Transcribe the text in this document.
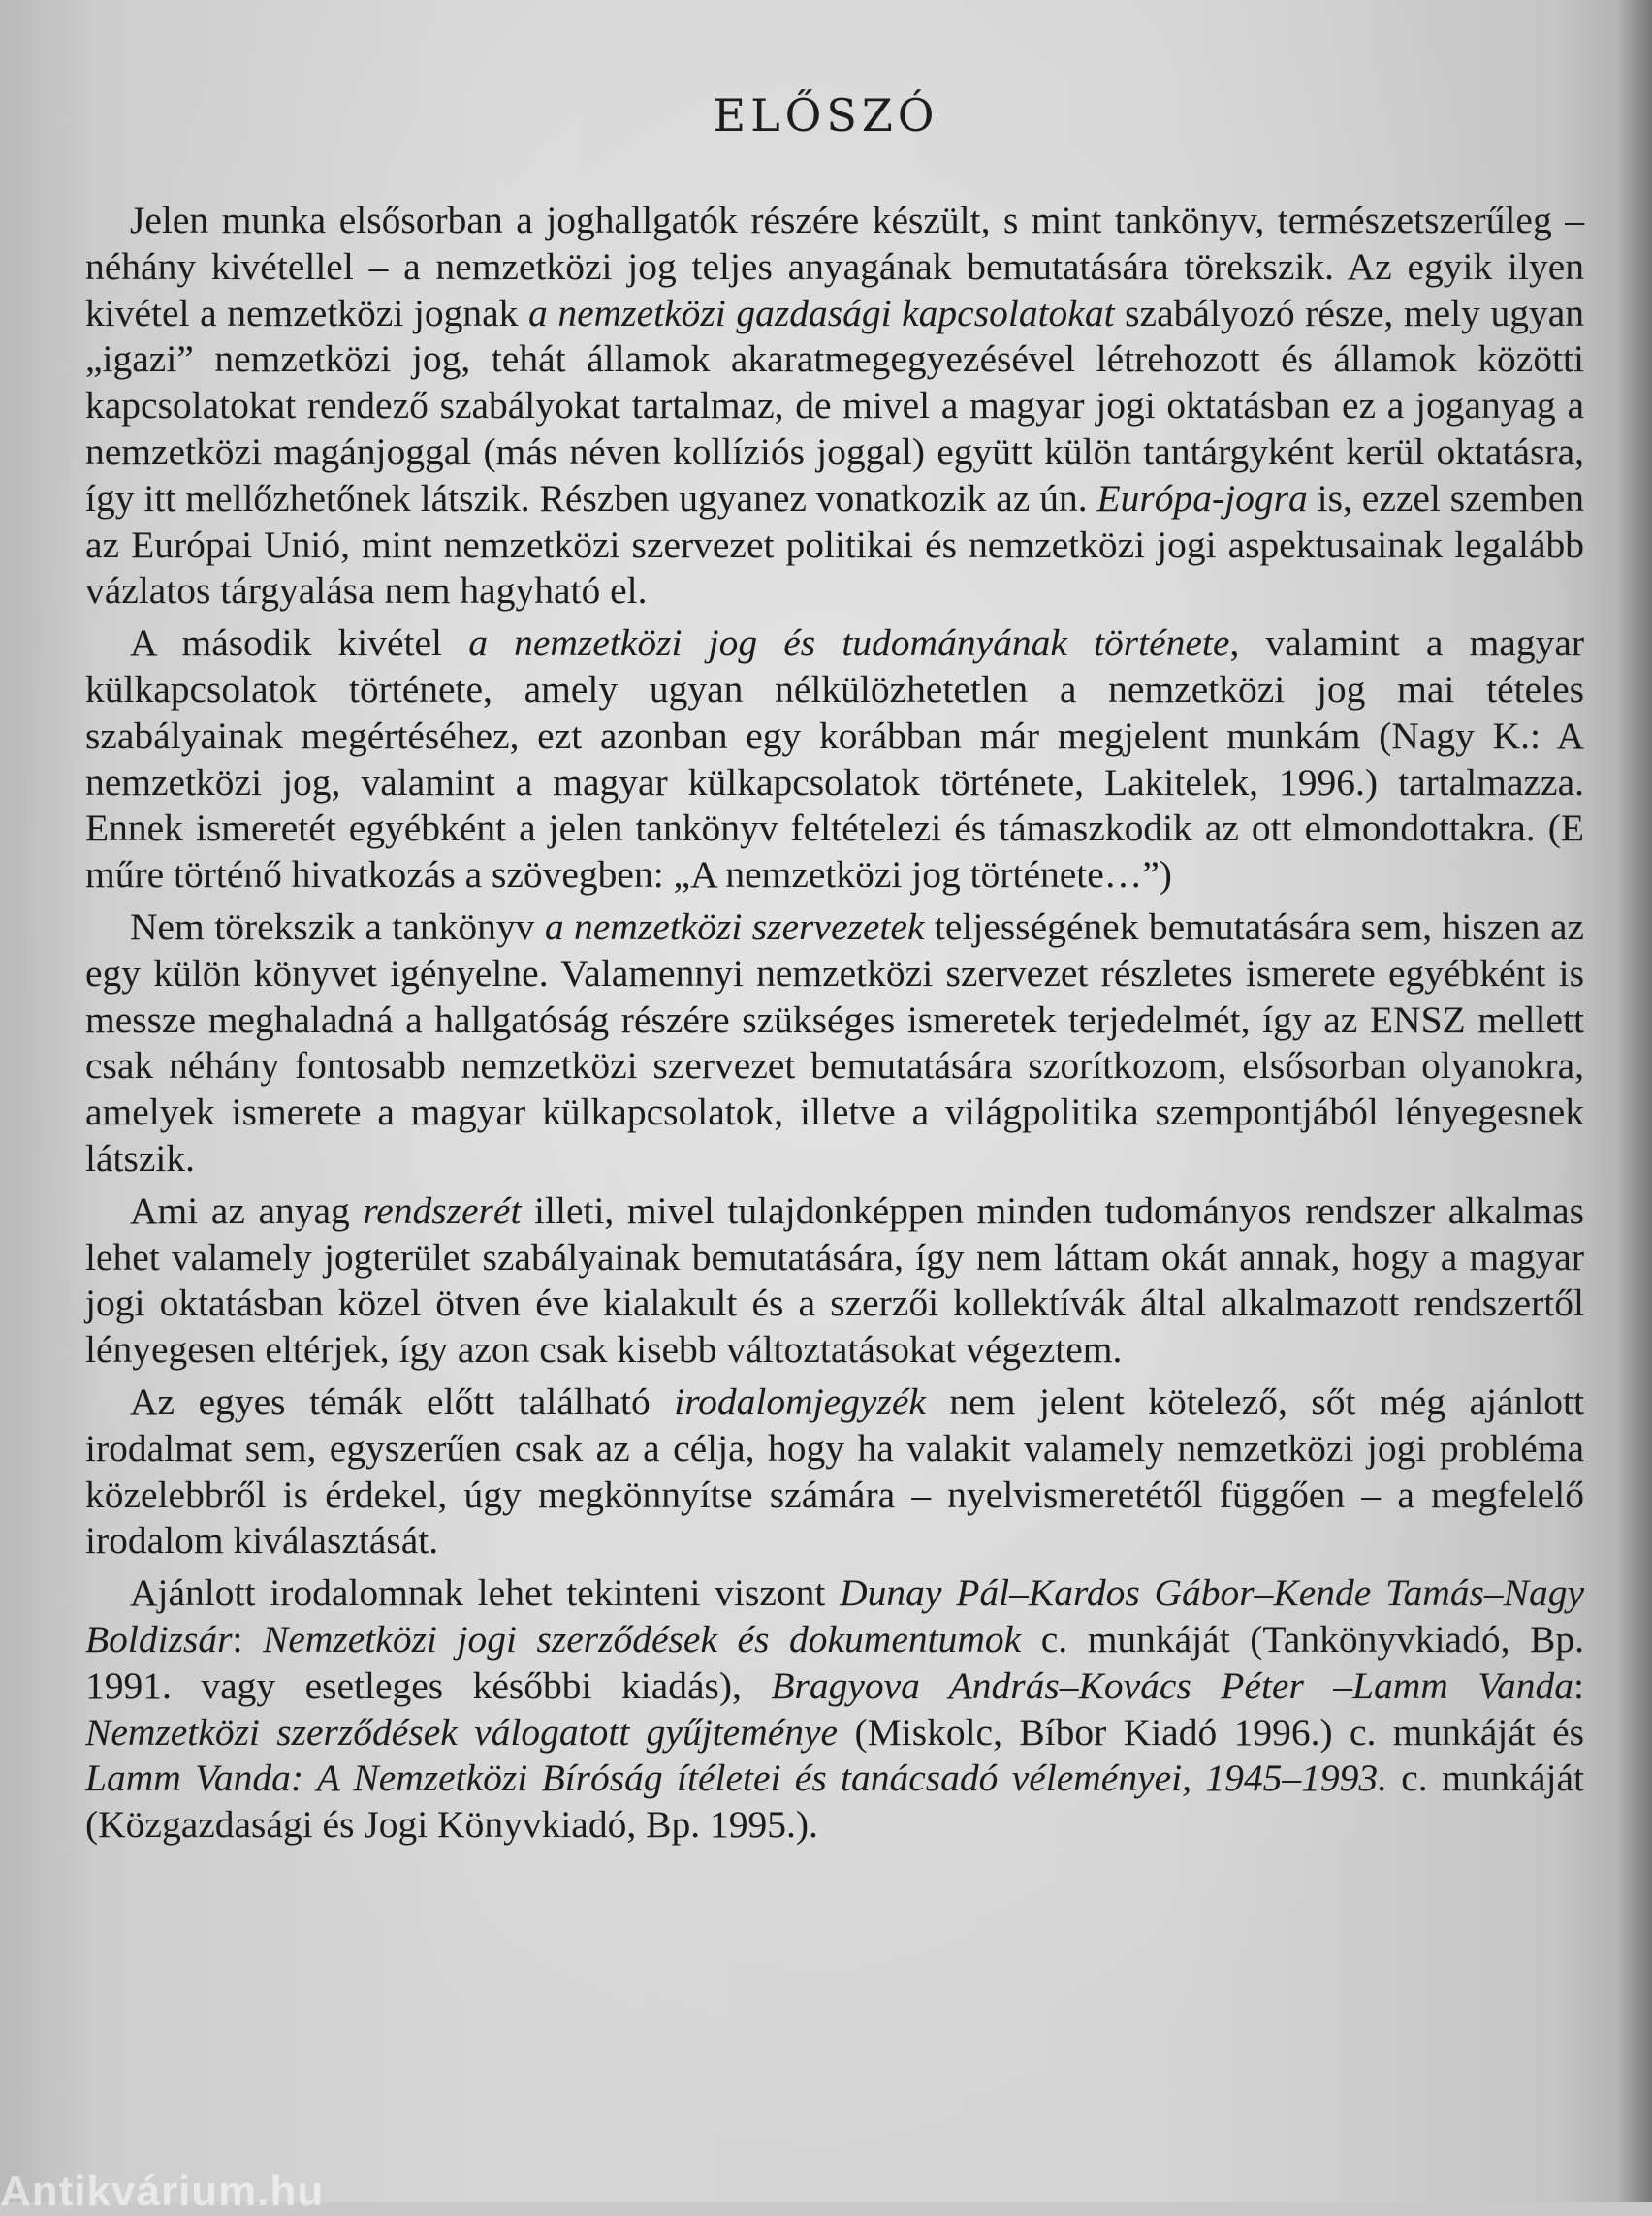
ELŐSZÓ

Jelen munka elsősorban a joghallgatók részére készült, s mint tankönyv, természetszerűleg – néhány kivétellel – a nemzetközi jog teljes anyagának bemutatására törekszik. Az egyik ilyen kivétel a nemzetközi jognak a nemzetközi gazdasági kapcsolatokat szabályozó része, mely ugyan „igazi” nemzetközi jog, tehát államok akaratmegegyezésével létrehozott és államok közötti kapcsolatokat rendező szabályokat tartalmaz, de mivel a magyar jogi oktatásban ez a joganyag a nemzetközi magánjoggal (más néven kollíziós joggal) együtt külön tantárgyként kerül oktatásra, így itt mellőzhetőnek látszik. Részben ugyanez vonatkozik az ún. Európa-jogra is, ezzel szemben az Európai Unió, mint nemzetközi szervezet politikai és nemzetközi jogi aspektusainak legalább vázlatos tárgyalása nem hagyható el.

A második kivétel a nemzetközi jog és tudományának története, valamint a magyar külkapcsolatok története, amely ugyan nélkülözhetetlen a nemzetközi jog mai tételes szabályainak megértéséhez, ezt azonban egy korábban már megjelent munkám (Nagy K.: A nemzetközi jog, valamint a magyar külkapcsolatok története, Lakitelek, 1996.) tartalmazza. Ennek ismeretét egyébként a jelen tankönyv feltételezi és támaszkodik az ott elmondottakra. (E műre történő hivatkozás a szövegben: „A nemzetközi jog története…”)

Nem törekszik a tankönyv a nemzetközi szervezetek teljességének bemutatására sem, hiszen az egy külön könyvet igényelne. Valamennyi nemzetközi szervezet részletes ismerete egyébként is messze meghaladná a hallgatóság részére szükséges ismeretek terjedelmét, így az ENSZ mellett csak néhány fontosabb nemzetközi szervezet bemutatására szorítkozom, elsősorban olyanokra, amelyek ismerete a magyar külkapcsolatok, illetve a világpolitika szempontjából lényegesnek látszik.

Ami az anyag rendszerét illeti, mivel tulajdonképpen minden tudományos rendszer alkalmas lehet valamely jogterület szabályainak bemutatására, így nem láttam okát annak, hogy a magyar jogi oktatásban közel ötven éve kialakult és a szerzői kollektívák által alkalmazott rendszertől lényegesen eltérjek, így azon csak kisebb változtatásokat végeztem.

Az egyes témák előtt található irodalomjegyzék nem jelent kötelező, sőt még ajánlott irodalmat sem, egyszerűen csak az a célja, hogy ha valakit valamely nemzetközi jogi probléma közelebbről is érdekel, úgy megkönnyítse számára – nyelvismeretétől függően – a megfelelő irodalom kiválasztását.

Ajánlott irodalomnak lehet tekinteni viszont Dunay Pál–Kardos Gábor–Kende Tamás–Nagy Boldizsár: Nemzetközi jogi szerződések és dokumentumok c. munkáját (Tankönyvkiadó, Bp. 1991. vagy esetleges későbbi kiadás), Bragyova András–Kovács Péter –Lamm Vanda: Nemzetközi szerződések válogatott gyűjteménye (Miskolc, Bíbor Kiadó 1996.) c. munkáját és Lamm Vanda: A Nemzetközi Bíróság ítéletei és tanácsadó véleményei, 1945–1993. c. munkáját (Közgazdasági és Jogi Könyvkiadó, Bp. 1995.).

Antikvárium.hu
